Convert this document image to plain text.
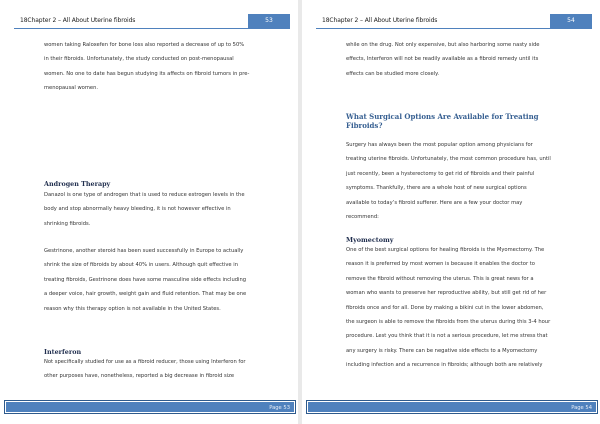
18Chapter 2 – All About Uterine fibroids	53
women taking Raloxefen for bone loss also reported a decrease of up to 50%
in their fibroids. Unfortunately, the study conducted on post-menopausal
women. No one to date has begun studying its affects on fibroid tumors in pre-
menopausal women.
Androgen Therapy
Danazol is one type of androgen that is used to reduce estrogen levels in the
body and stop abnormally heavy bleeding, it is not however effective in
shrinking fibroids.
Gestrinone, another steroid has been sued successfully in Europe to actually
shrink the size of fibroids by about 40% in users. Although quit effective in
treating fibroids, Gestrinone does have some masculine side effects including
a deeper voice, hair growth, weight gain and fluid retention. That may be one
reason why this therapy option is not available in the United States.
Interferon
Not specifically studied for use as a fibroid reducer, those using Interferon for
other purposes have, nonetheless, reported a big decrease in fibroid size
Page 53
18Chapter 2 – All About Uterine fibroids	54
while on the drug. Not only expensive, but also harboring some nasty side
effects, Interferon will not be readily available as a fibroid remedy until its
effects can be studied more closely.
What Surgical Options Are Available for Treating
Fibroids?
Surgery has always been the most popular option among physicians for
treating uterine fibroids. Unfortunately, the most common procedure has, until
just recently, been a hysterectomy to get rid of fibroids and their painful
symptoms. Thankfully, there are a whole host of new surgical options
available to today’s fibroid sufferer. Here are a few your doctor may
recommend:
Myomectomy
One of the best surgical options for healing fibroids is the Myomectomy. The
reason it is preferred by most women is because it enables the doctor to
remove the fibroid without removing the uterus. This is great news for a
woman who wants to preserve her reproductive ability, but still get rid of her
fibroids once and for all. Done by making a bikini cut in the lower abdomen,
the surgeon is able to remove the fibroids from the uterus during this 3-4 hour
procedure. Lest you think that it is not a serious procedure, let me stress that
any surgery is risky. There can be negative side effects to a Myomectomy
including infection and a recurrence in fibroids; although both are relatively
Page 54
